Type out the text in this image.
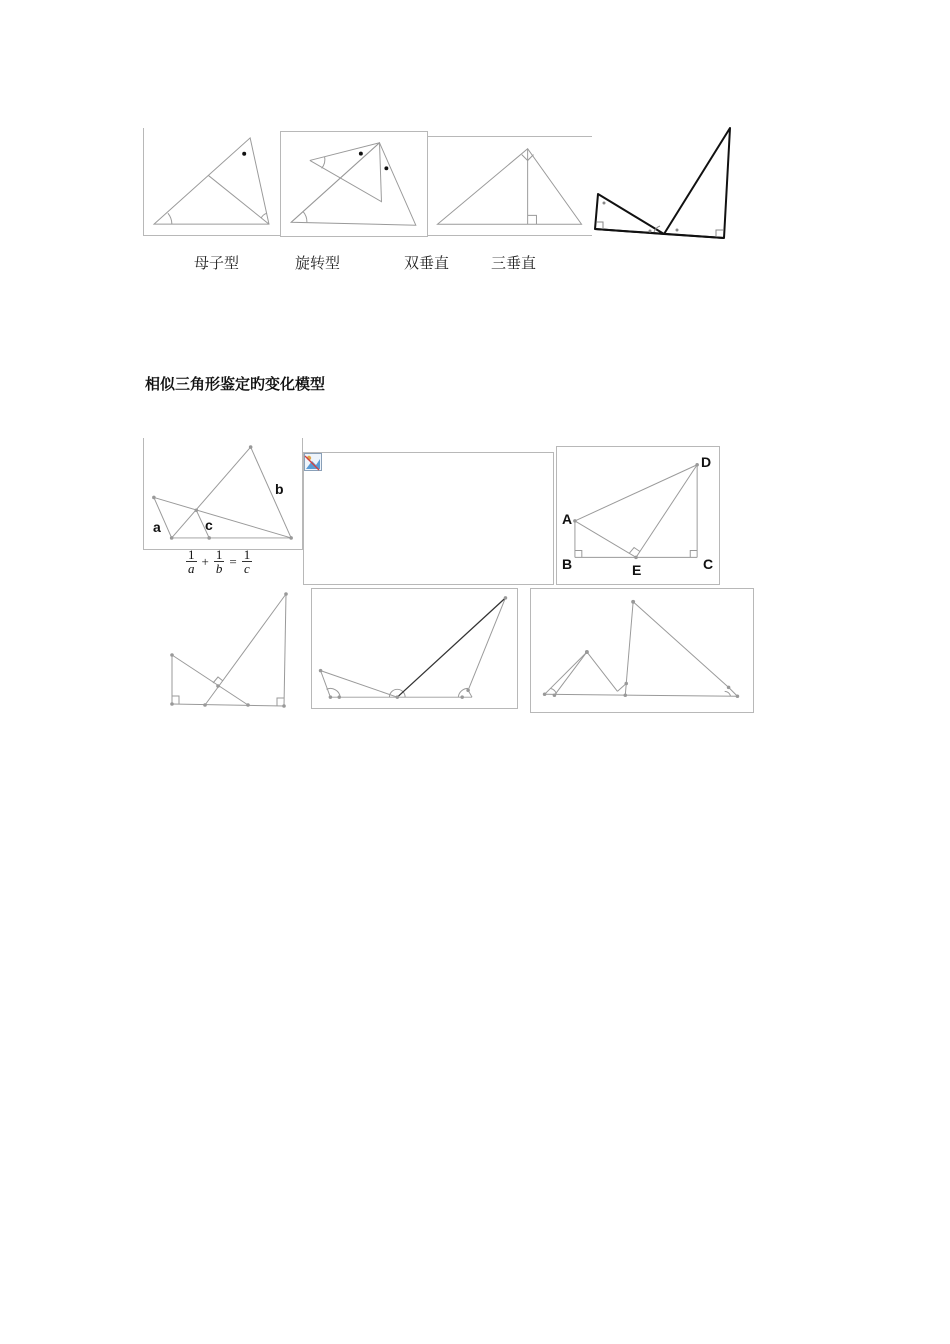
母子型	旋转型	双垂直	三垂直
相似三角形鉴定旳变化模型
a
b
c
$\frac{1}{a} + \frac{1}{b} = \frac{1}{c}$
A
B	C
D
E
